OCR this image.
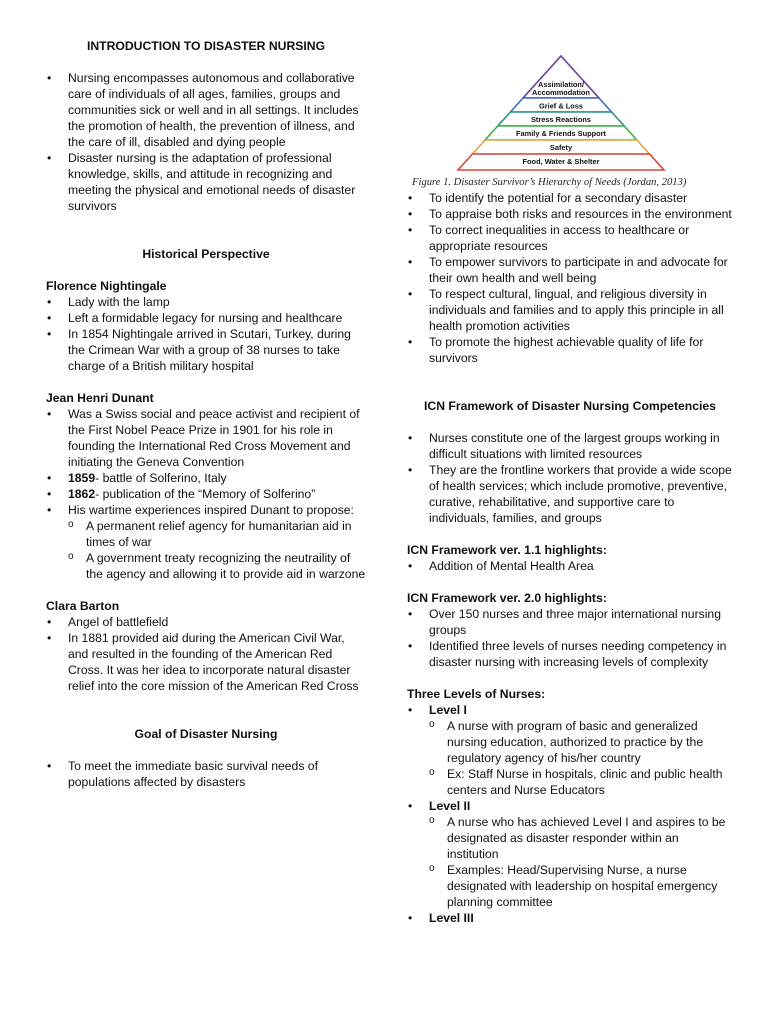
INTRODUCTION TO DISASTER NURSING
• Nursing encompasses autonomous and collaborative care of individuals of all ages, families, groups and communities sick or well and in all settings. It includes the promotion of health, the prevention of illness, and the care of ill, disabled and dying people
• Disaster nursing is the adaptation of professional knowledge, skills, and attitude in recognizing and meeting the physical and emotional needs of disaster survivors
Historical Perspective
Florence Nightingale
• Lady with the lamp
• Left a formidable legacy for nursing and healthcare
• In 1854 Nightingale arrived in Scutari, Turkey, during the Crimean War with a group of 38 nurses to take charge of a British military hospital
Jean Henri Dunant
• Was a Swiss social and peace activist and recipient of the First Nobel Peace Prize in 1901 for his role in founding the International Red Cross Movement and initiating the Geneva Convention
• 1859- battle of Solferino, Italy
• 1862- publication of the “Memory of Solferino”
• His wartime experiences inspired Dunant to propose:
o A permanent relief agency for humanitarian aid in times of war
o A government treaty recognizing the neutraility of the agency and allowing it to provide aid in warzone
Clara Barton
• Angel of battlefield
• In 1881 provided aid during the American Civil War, and resulted in the founding of the American Red Cross. It was her idea to incorporate natural disaster relief into the core mission of the American Red Cross
Goal of Disaster Nursing
• To meet the immediate basic survival needs of populations affected by disasters
Assimilation/
Accommodation
Grief & Loss
Stress Reactions
Family & Friends Support
Safety
Food, Water & Shelter
Figure 1. Disaster Survivor’s Hierarchy of Needs (Jordan, 2013)
• To identify the potential for a secondary disaster
• To appraise both risks and resources in the environment
• To correct inequalities in access to healthcare or appropriate resources
• To empower survivors to participate in and advocate for their own health and well being
• To respect cultural, lingual, and religious diversity in individuals and families and to apply this principle in all health promotion activities
• To promote the highest achievable quality of life for survivors
ICN Framework of Disaster Nursing Competencies
• Nurses constitute one of the largest groups working in difficult situations with limited resources
• They are the frontline workers that provide a wide scope of health services; which include promotive, preventive, curative, rehabilitative, and supportive care to individuals, families, and groups
ICN Framework ver. 1.1 highlights:
• Addition of Mental Health Area
ICN Framework ver. 2.0 highlights:
• Over 150 nurses and three major international nursing groups
• Identified three levels of nurses needing competency in disaster nursing with increasing levels of complexity
Three Levels of Nurses:
• Level I
o A nurse with program of basic and generalized nursing education, authorized to practice by the regulatory agency of his/her country
o Ex: Staff Nurse in hospitals, clinic and public health centers and Nurse Educators
• Level II
o A nurse who has achieved Level I and aspires to be designated as disaster responder within an institution
o Examples: Head/Supervising Nurse, a nurse designated with leadership on hospital emergency planning committee
• Level III
